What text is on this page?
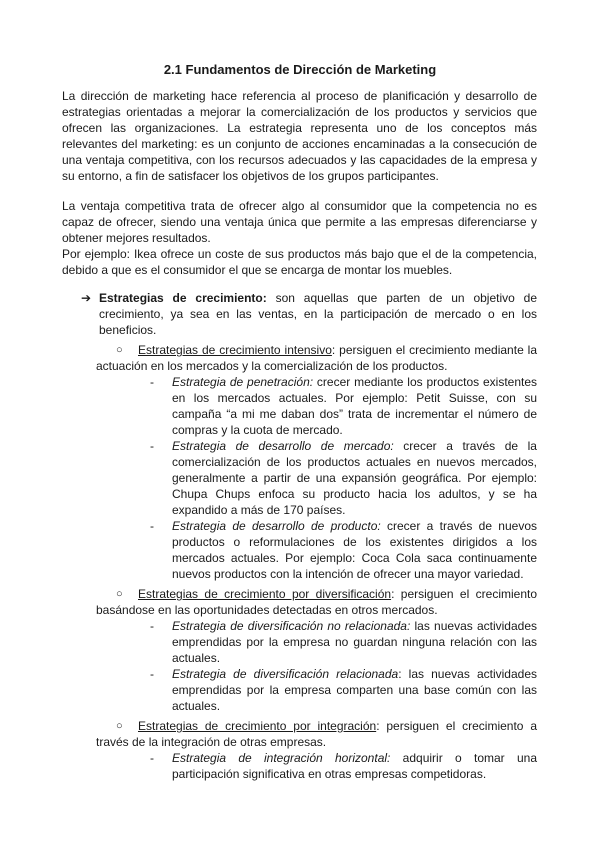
2.1 Fundamentos de Dirección de Marketing

La dirección de marketing hace referencia al proceso de planificación y desarrollo de estrategias orientadas a mejorar la comercialización de los productos y servicios que ofrecen las organizaciones. La estrategia representa uno de los conceptos más relevantes del marketing: es un conjunto de acciones encaminadas a la consecución de una ventaja competitiva, con los recursos adecuados y las capacidades de la empresa y su entorno, a fin de satisfacer los objetivos de los grupos participantes.

La ventaja competitiva trata de ofrecer algo al consumidor que la competencia no es capaz de ofrecer, siendo una ventaja única que permite a las empresas diferenciarse y obtener mejores resultados.

Por ejemplo: Ikea ofrece un coste de sus productos más bajo que el de la competencia, debido a que es el consumidor el que se encarga de montar los muebles.

➔ Estrategias de crecimiento: son aquellas que parten de un objetivo de crecimiento, ya sea en las ventas, en la participación de mercado o en los beneficios.

○	Estrategias de crecimiento intensivo: persiguen el crecimiento mediante la actuación en los mercados y la comercialización de los productos.

- Estrategia de penetración: crecer mediante los productos existentes en los mercados actuales. Por ejemplo: Petit Suisse, con su campaña “a mi me daban dos” trata de incrementar el número de compras y la cuota de mercado.

- Estrategia de desarrollo de mercado: crecer a través de la comercialización de los productos actuales en nuevos mercados, generalmente a partir de una expansión geográfica. Por ejemplo: Chupa Chups enfoca su producto hacia los adultos, y se ha expandido a más de 170 países.

- Estrategia de desarrollo de producto: crecer a través de nuevos productos o reformulaciones de los existentes dirigidos a los mercados actuales. Por ejemplo: Coca Cola saca continuamente nuevos productos con la intención de ofrecer una mayor variedad.

○	Estrategias de crecimiento por diversificación: persiguen el crecimiento basándose en las oportunidades detectadas en otros mercados.

- Estrategia de diversificación no relacionada: las nuevas actividades emprendidas por la empresa no guardan ninguna relación con las actuales.

- Estrategia de diversificación relacionada: las nuevas actividades emprendidas por la empresa comparten una base común con las actuales.

○	Estrategias de crecimiento por integración: persiguen el crecimiento a través de la integración de otras empresas.

- Estrategia de integración horizontal: adquirir o tomar una participación significativa en otras empresas competidoras.
